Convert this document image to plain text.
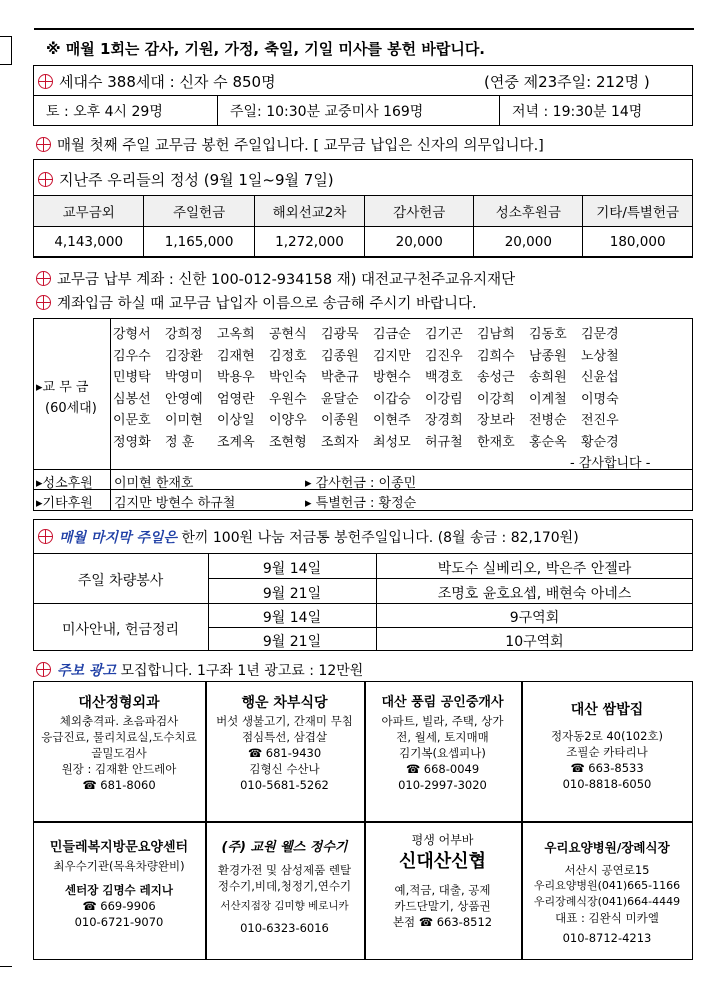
※ 매월 1회는 감사, 기원, 가정, 축일, 기일 미사를 봉헌 바랍니다.
세대수 388세대 : 신자 수 850명	(연중 제23주일: 212명 )
토 : 오후 4시 29명	주일: 10:30분 교중미사 169명	저녁 : 19:30분 14명
매월 첫째 주일 교무금 봉헌 주일입니다. [ 교무금 납입은 신자의 의무입니다.]
지난주 우리들의 정성 (9월 1일~9월 7일)
교무금외	주일헌금	해외선교2차	감사헌금	성소후원금	기타/특별헌금
4,143,000	1,165,000	1,272,000	20,000	20,000	180,000
교무금 납부 계좌 : 신한 100-012-934158 재) 대전교구천주교유지재단
계좌입금 하실 때 교무금 납입자 이름으로 송금해 주시기 바랍니다.
▸교 무 금
(60세대)
강형서	강희정	고옥희	공현식	김광묵	김금순	김기곤	김남희	김동호	김문경
김우수	김장환	김재현	김정호	김종원	김지만	김진우	김희수	남종원	노상철
민병탁	박영미	박용우	박인숙	박춘규	방현수	백경호	송성근	송희원	신윤섭
심봉선	안영예	엄영란	우원수	윤달순	이갑승	이강림	이강희	이계철	이명숙
이문호	이미현	이상일	이양우	이종원	이현주	장경희	장보라	전병순	전진우
정영화	정 훈	조계옥	조현형	조희자	최성모	허규철	한재호	홍순옥	황순경
- 감사합니다 -
▸성소후원 이미현 한재호	▸ 감사헌금 : 이종민
▸기타후원 김지만 방현수 하규철	▸ 특별헌금 : 황정순
매월 마지막 주일은 한끼 100원 나눔 저금통 봉헌주일입니다. (8월 송금 : 82,170원)
주일 차량봉사
9월 14일	박도수 실베리오, 박은주 안젤라
9월 21일	조명호 윤호요셉, 배현숙 아네스
미사안내, 헌금정리
9월 14일	9구역회
9월 21일	10구역회
주보 광고 모집합니다. 1구좌 1년 광고료 : 12만원
대산정형외과
체외충격파. 초음파검사
응급진료, 물리치료실,도수치료
골밀도검사
원장 : 김재환 안드레아
☎ 681-8060
행운 차부식당
버섯 생불고기, 간재미 무침
점심특선, 삼겹살
☎ 681-9430
김형신 수산나
010-5681-5262
대산 풍림 공인중개사
아파트, 빌라, 주택, 상가
전, 월세, 토지매매
김기복(요셉피나)
☎ 668-0049
010-2997-3020
대산 쌈밥집
정자동2로 40(102호)
조필순 카타리나
☎ 663-8533
010-8818-6050
민들레복지방문요양센터
최우수기관(목욕차량완비)
센터장 김명수 레지나
☎ 669-9906
010-6721-9070
(주) 교원 웰스 정수기
환경가전 및 삼성제품 렌탈
정수기,비데,청정기,연수기
서산지점장 김미향 베로니카
010-6323-6016
평생 어부바
신대산신협
예,적금, 대출, 공제
카드단말기, 상품권
본점 ☎ 663-8512
우리요양병원/장례식장
서산시 공연로15
우리요양병원(041)665-1166
우리장례식장(041)664-4449
대표 : 김완식 미카엘
010-8712-4213
